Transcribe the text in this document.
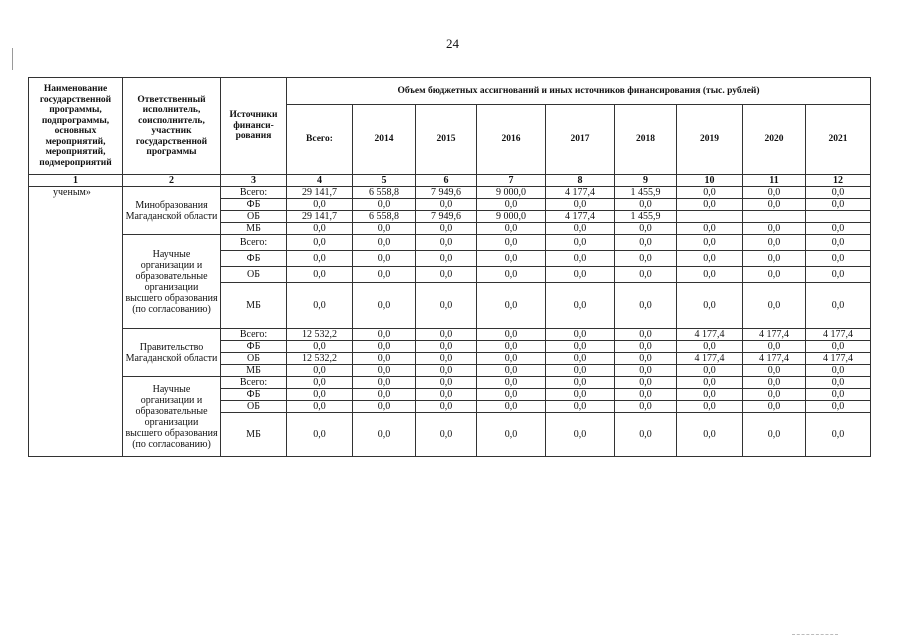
24
Наименование государственной программы, подпрограммы, основных мероприятий, мероприятий, подмероприятий	Ответственный исполнитель, соисполнитель, участник государственной программы	Источники финанси-рования	Объем бюджетных ассигнований и иных источников финансирования (тыс. рублей)								
			Всего:	2014	2015	2016	2017	2018	2019	2020	2021
1	2	3	4	5	6	7	8	9	10	11	12
ученым»	Минобразования Магаданской области	Всего:	29 141,7	6 558,8	7 949,6	9 000,0	4 177,4	1 455,9	0,0	0,0	0,0
		ФБ	0,0	0,0	0,0	0,0	0,0	0,0	0,0	0,0	0,0
		ОБ	29 141,7	6 558,8	7 949,6	9 000,0	4 177,4	1 455,9			
		МБ	0,0	0,0	0,0	0,0	0,0	0,0	0,0	0,0	0,0
	Научные организации и образовательные организации высшего образования (по согласованию)	Всего:	0,0	0,0	0,0	0,0	0,0	0,0	0,0	0,0	0,0
		ФБ	0,0	0,0	0,0	0,0	0,0	0,0	0,0	0,0	0,0
		ОБ	0,0	0,0	0,0	0,0	0,0	0,0	0,0	0,0	0,0
		МБ	0,0	0,0	0,0	0,0	0,0	0,0	0,0	0,0	0,0
	Правительство Магаданской области	Всего:	12 532,2	0,0	0,0	0,0	0,0	0,0	4 177,4	4 177,4	4 177,4
		ФБ	0,0	0,0	0,0	0,0	0,0	0,0	0,0	0,0	0,0
		ОБ	12 532,2	0,0	0,0	0,0	0,0	0,0	4 177,4	4 177,4	4 177,4
		МБ	0,0	0,0	0,0	0,0	0,0	0,0	0,0	0,0	0,0
	Научные организации и образовательные организации высшего образования (по согласованию)	Всего:	0,0	0,0	0,0	0,0	0,0	0,0	0,0	0,0	0,0
		ФБ	0,0	0,0	0,0	0,0	0,0	0,0	0,0	0,0	0,0
		ОБ	0,0	0,0	0,0	0,0	0,0	0,0	0,0	0,0	0,0
		МБ	0,0	0,0	0,0	0,0	0,0	0,0	0,0	0,0	0,0
